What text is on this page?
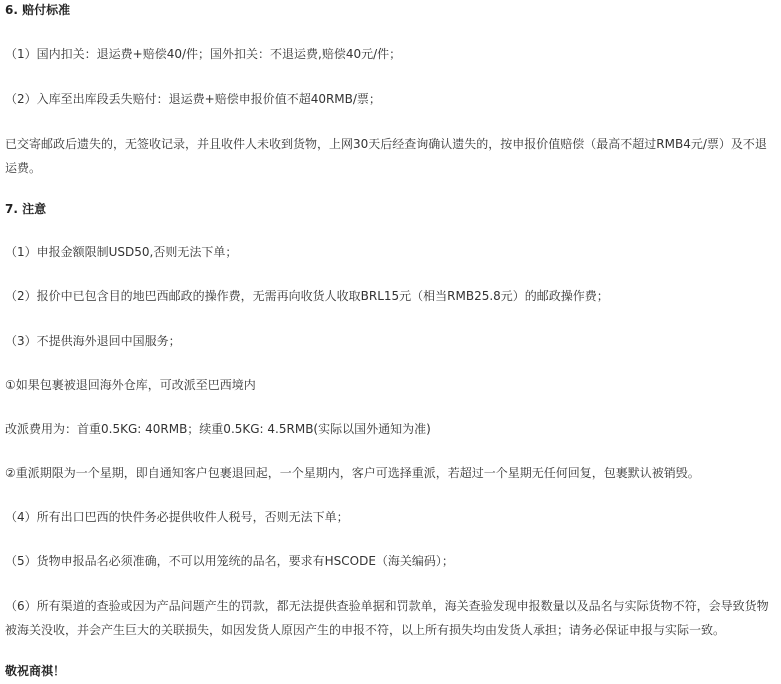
6. 赔付标准
（1）国内扣关：退运费+赔偿40/件；国外扣关：不退运费,赔偿40元/件；
（2）入库至出库段丢失赔付：退运费+赔偿申报价值不超40RMB/票；
已交寄邮政后遗失的，无签收记录，并且收件人未收到货物，上网30天后经查询确认遗失的，按申报价值赔偿（最高不超过RMB4元/票）及不退运费。
7. 注意
（1）申报金额限制USD50,否则无法下单；
（2）报价中已包含目的地巴西邮政的操作费，无需再向收货人收取BRL15元（相当RMB25.8元）的邮政操作费；
（3）不提供海外退回中国服务；
①如果包裹被退回海外仓库，可改派至巴西境内
改派费用为：首重0.5KG: 40RMB；续重0.5KG: 4.5RMB(实际以国外通知为准)
②重派期限为一个星期，即自通知客户包裹退回起，一个星期内，客户可选择重派，若超过一个星期无任何回复，包裹默认被销毁。
（4）所有出口巴西的快件务必提供收件人税号，否则无法下单；
（5）货物申报品名必须准确，不可以用笼统的品名，要求有HSCODE（海关编码）；
（6）所有渠道的查验或因为产品问题产生的罚款，都无法提供查验单据和罚款单，海关查验发现申报数量以及品名与实际货物不符，会导致货物被海关没收，并会产生巨大的关联损失，如因发货人原因产生的申报不符，以上所有损失均由发货人承担；请务必保证申报与实际一致。
敬祝商祺！
